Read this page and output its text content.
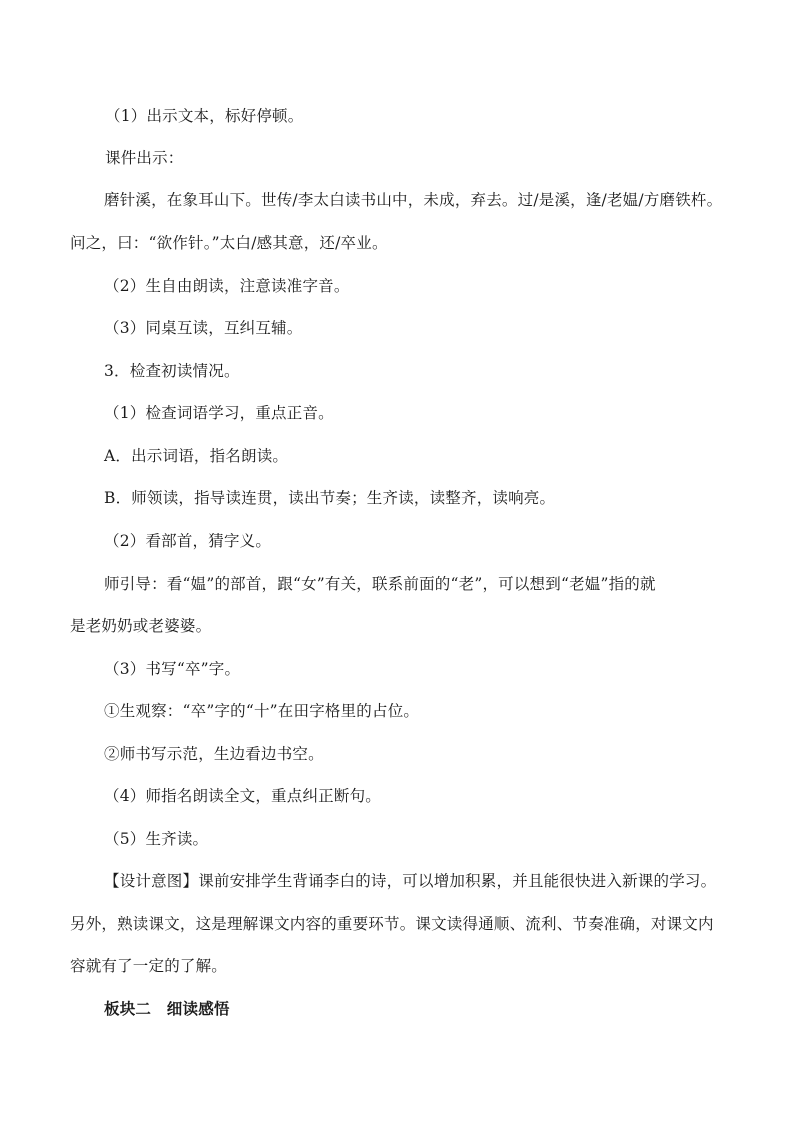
（1）出示文本，标好停顿。
课件出示：
磨针溪，在象耳山下。世传/李太白读书山中，未成，弃去。过/是溪，逢/老媪/方磨铁杵。
问之，曰：“欲作针。”太白/感其意，还/卒业。
（2）生自由朗读，注意读准字音。
（3）同桌互读，互纠互辅。
3．检查初读情况。
（1）检查词语学习，重点正音。
A．出示词语，指名朗读。
B．师领读，指导读连贯，读出节奏；生齐读，读整齐，读响亮。
（2）看部首，猜字义。
师引导：看“媪”的部首，跟“女”有关，联系前面的“老”，可以想到“老媪”指的就
是老奶奶或老婆婆。
（3）书写“卒”字。
①生观察：“卒”字的“十”在田字格里的占位。
②师书写示范，生边看边书空。
（4）师指名朗读全文，重点纠正断句。
（5）生齐读。
【设计意图】课前安排学生背诵李白的诗，可以增加积累，并且能很快进入新课的学习。
另外，熟读课文，这是理解课文内容的重要环节。课文读得通顺、流利、节奏准确，对课文内
容就有了一定的了解。
板块二　细读感悟
